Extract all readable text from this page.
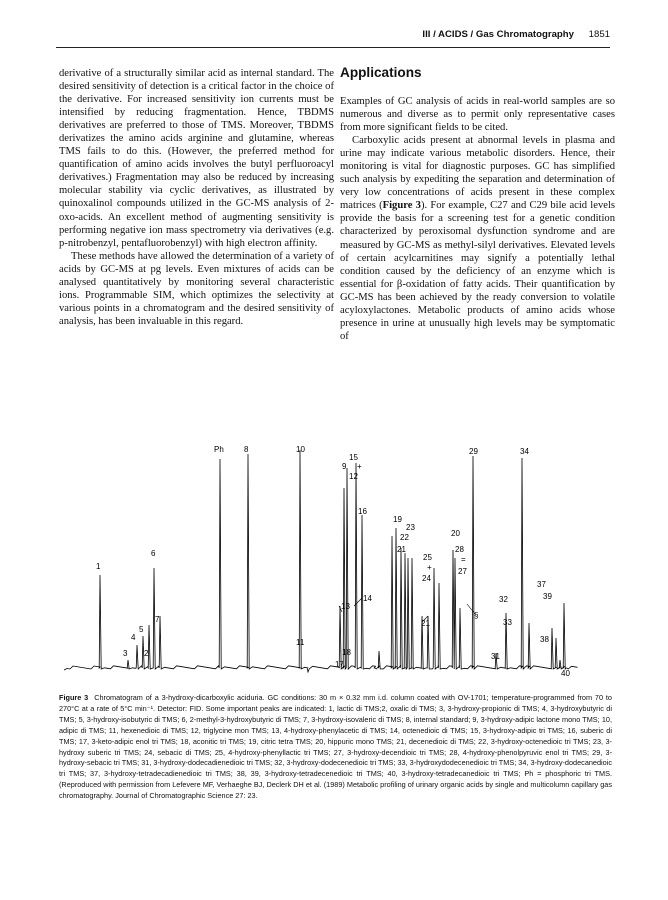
III / ACIDS / Gas Chromatography 1851

derivative of a structurally similar acid as internal standard. The desired sensitivity of detection is a critical factor in the choice of the derivative. For increased sensitivity ion currents must be intensified by reducing fragmentation. Hence, TBDMS derivatives are preferred to those of TMS. Moreover, TBDMS derivatizes the amino acids arginine and glutamine, whereas TMS fails to do this. (However, the preferred method for quantification of amino acids involves the butyl perfluoroacyl derivatives.) Fragmentation may also be reduced by increasing molecular stability via cyclic derivatives, as illustrated by quinoxalinol compounds utilized in the GC-MS analysis of 2-oxo-acids. An excellent method of augmenting sensitivity is performing negative ion mass spectrometry via derivatives (e.g. p-nitrobenzyl, pentafluorobenzyl) with high electron affinity.

These methods have allowed the determination of a variety of acids by GC-MS at pg levels. Even mixtures of acids can be analysed quantitatively by monitoring several characteristic ions. Programmable SIM, which optimizes the selectivity at various points in a chromatogram and the desired sensitivity of analysis, has been invaluable in this regard.

Applications

Examples of GC analysis of acids in real-world samples are so numerous and diverse as to permit only representative cases from more significant fields to be cited.

Carboxylic acids present at abnormal levels in plasma and urine may indicate various metabolic disorders. Hence, their monitoring is vital for diagnostic purposes. GC has simplified such analysis by expediting the separation and determination of very low concentrations of acids present in these complex matrices (Figure 3). For example, C27 and C29 bile acid levels provide the basis for a screening test for a genetic condition characterized by peroxisomal dysfunction syndrome and are measured by GC-MS as methyl-silyl derivatives. Elevated levels of certain acylcarnitines may signify a potentially lethal condition caused by the deficiency of an enzyme which is essential for β-oxidation of fatty acids. Their quantification by GC-MS has been achieved by the ready conversion to volatile acyloxylactones. Metabolic products of amino acids whose presence in urine at unusually high levels may be symptomatic of

Ph	8	10
15
9 +
12
16
19
23
22
21
25
+
24
20
28
=
27
29	34
6
1
7
5
4
3 2
13
14
11
18
17
21
§
32
33
31
37
39
38
40
Figure 3 Chromatogram of a 3-hydroxy-dicarboxylic aciduria. GC conditions: 30 m × 0.32 mm i.d. column coated with OV-1701; temperature-programmed from 70 to 270°C at a rate of 5°C min⁻¹. Detector: FID. Some important peaks are indicated: 1, lactic di TMS;2, oxalic di TMS; 3, 3-hydroxy-propionic di TMS; 4, 3-hydroxybutyric di TMS; 5, 3-hydroxy-isobutyric di TMS; 6, 2-methyl-3-hydroxybutyric di TMS; 7, 3-hydroxy-isovaleric di TMS; 8, internal standard; 9, 3-hydroxy-adipic lactone mono TMS; 10, adipic di TMS; 11, hexenedioic di TMS; 12, triglycine mon TMS; 13, 4-hydroxy-phenylacetic di TMS; 14, octenedioic di TMS; 15, 3-hydroxy-adipic tri TMS; 16, suberic di TMS; 17, 3-keto-adipic enol tri TMS; 18, aconitic tri TMS; 19, citric tetra TMS; 20, hippuric mono TMS; 21, decenedioic di TMS; 22, 3-hydroxy-octenedioic tri TMS; 23, 3-hydroxy suberic tri TMS; 24, sebacic di TMS; 25, 4-hydroxy-phenyllactic tri TMS; 27, 3-hydroxy-decendioic tri TMS; 28, 4-hydroxy-phenolpyruvic enol tri TMS; 29, 3-hydroxy-sebacic tri TMS; 31, 3-hydroxy-dodecadienedioic tri TMS; 32, 3-hydroxy-dodecenedioic tri TMS; 33, 3-hydroxydodecenedioic tri TMS; 34, 3-hydroxy-dodecanedioic tri TMS; 37, 3-hydroxy-tetradecadienedioic tri TMS; 38, 39, 3-hydroxy-tetradecenedioic tri TMS; 40, 3-hydroxy-tetradecanedioic tri TMS; Ph = phosphoric tri TMS. (Reproduced with permission from Lefevere MF, Verhaeghe BJ, Declerk DH et al. (1989) Metabolic profiling of urinary organic acids by single and multicolumn capillary gas chromatography. Journal of Chromatographic Science 27: 23.
